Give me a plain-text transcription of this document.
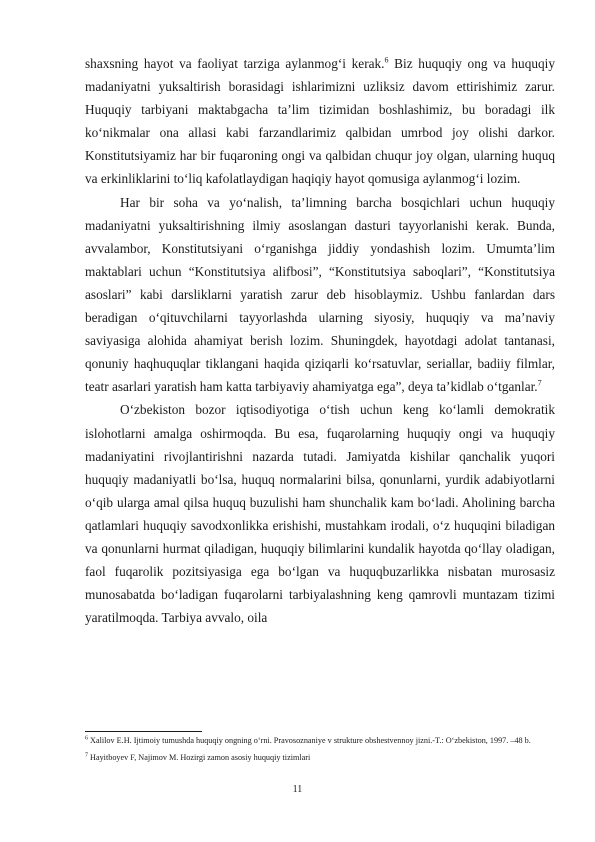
shaxsning hayot va faoliyat tarziga aylanmog‘i kerak.$^6$ Biz huquqiy ong va huquqiy madaniyatni yuksaltirish borasidagi ishlarimizni uzliksiz davom ettirishimiz zarur. Huquqiy tarbiyani maktabgacha ta’lim tizimidan boshlashimiz, bu boradagi ilk ko‘nikmalar ona allasi kabi farzandlarimiz qalbidan umrbod joy olishi darkor. Konstitutsiyamiz har bir fuqaroning ongi va qalbidan chuqur joy olgan, ularning huquq va erkinliklarini to‘liq kafolatlaydigan haqiqiy hayot qomusiga aylanmog‘i lozim.

Har bir soha va yo‘nalish, ta’limning barcha bosqichlari uchun huquqiy madaniyatni yuksaltirishning ilmiy asoslangan dasturi tayyorlanishi kerak. Bunda, avvalambor, Konstitutsiyani o‘rganishga jiddiy yondashish lozim. Umumta’lim maktablari uchun “Konstitutsiya alifbosi”, “Konstitutsiya saboqlari”, “Konstitutsiya asoslari” kabi darsliklarni yaratish zarur deb hisoblaymiz. Ushbu fanlardan dars beradigan o‘qituvchilarni tayyorlashda ularning siyosiy, huquqiy va ma’naviy saviyasiga alohida ahamiyat berish lozim. Shuningdek, hayotdagi adolat tantanasi, qonuniy haqhuquqlar tiklangani haqida qiziqarli ko‘rsatuvlar, seriallar, badiiy filmlar, teatr asarlari yaratish ham katta tarbiyaviy ahamiyatga ega”, deya ta’kidlab o‘tganlar.$^7$

O‘zbekiston bozor iqtisodiyotiga o‘tish uchun keng ko‘lamli demokratik islohotlarni amalga oshirmoqda. Bu esa, fuqarolarning huquqiy ongi va huquqiy madaniyatini rivojlantirishni nazarda tutadi. Jamiyatda kishilar qanchalik yuqori huquqiy madaniyatli bo‘lsa, huquq normalarini bilsa, qonunlarni, yurdik adabiyotlarni o‘qib ularga amal qilsa huquq buzulishi ham shunchalik kam bo‘ladi. Aholining barcha qatlamlari huquqiy savodxonlikka erishishi, mustahkam irodali, o‘z huquqini biladigan va qonunlarni hurmat qiladigan, huquqiy bilimlarini kundalik hayotda qo‘llay oladigan, faol fuqarolik pozitsiyasiga ega bo‘lgan va huquqbuzarlikka nisbatan murosasiz munosabatda bo‘ladigan fuqarolarni tarbiyalashning keng qamrovli muntazam tizimi yaratilmoqda. Tarbiya avvalo, oila

$^6$ Xalilov E.H. Ijtimoiy tumushda huquqiy ongning o‘rni. Pravosoznaniye v strukture obshestvennoy jizni.-T.: O‘zbekiston, 1997. –48 b.

$^7$ Hayitboyev F, Najimov M. Hozirgi zamon asosiy huquqiy tizimlari

11
